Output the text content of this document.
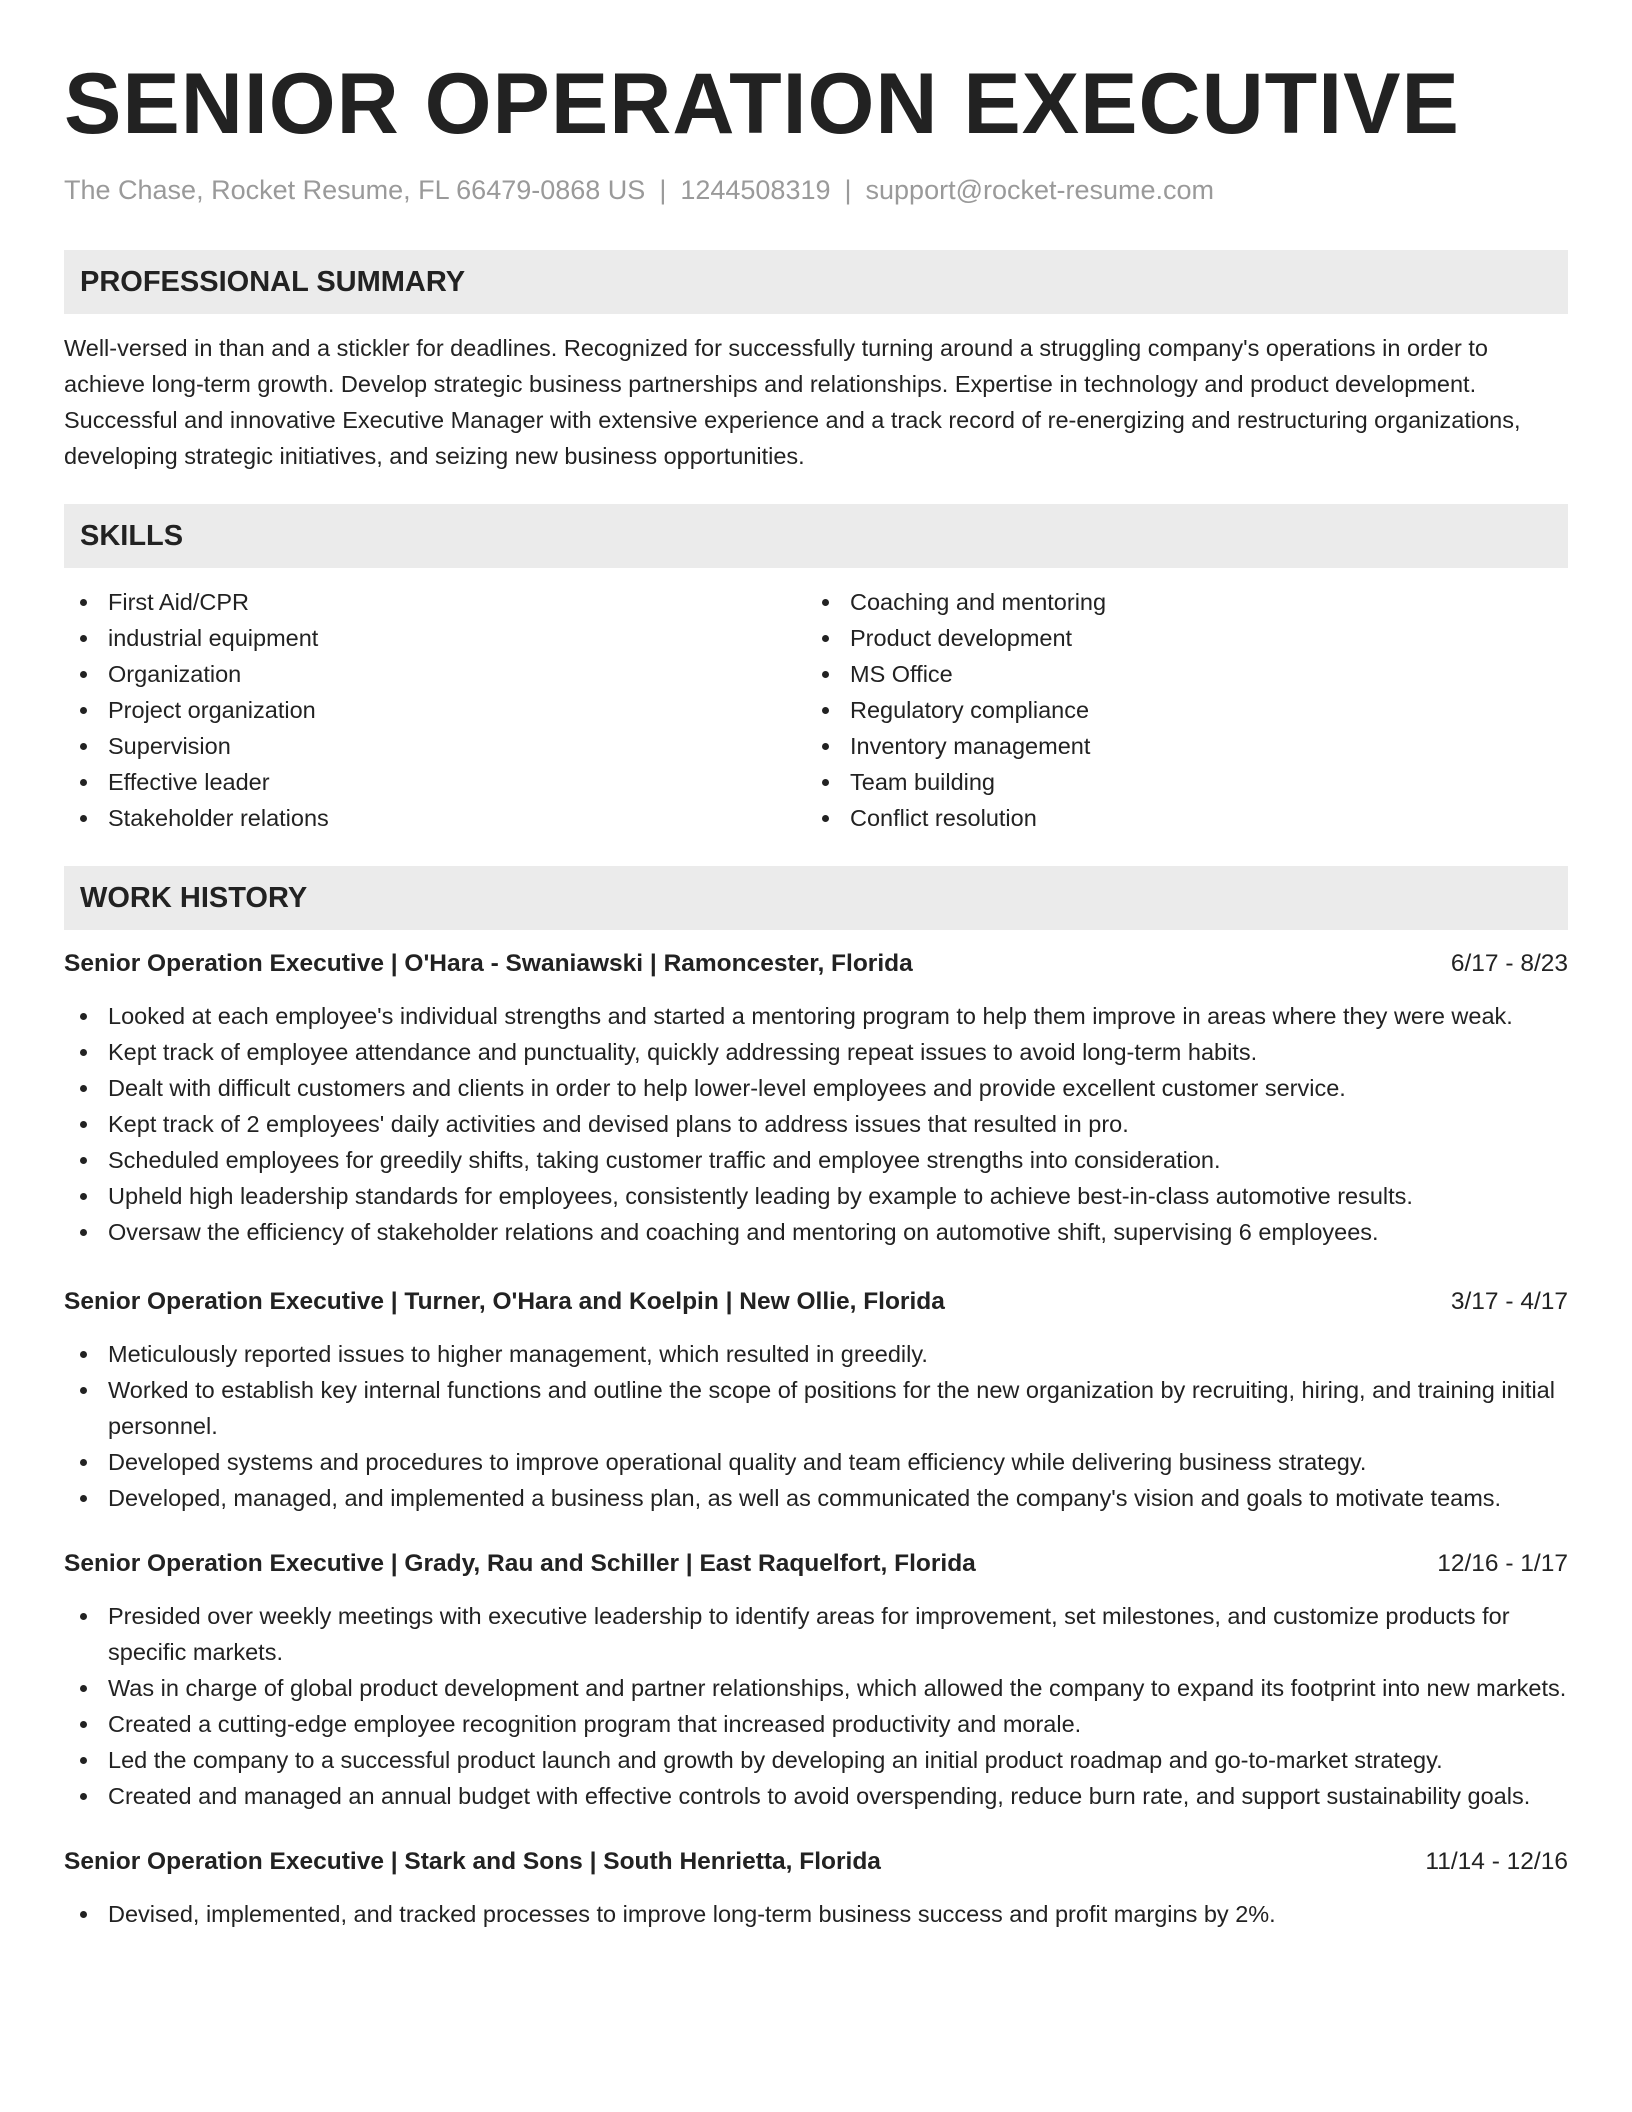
SENIOR OPERATION EXECUTIVE
The Chase, Rocket Resume, FL 66479-0868 US | 1244508319 | support@rocket-resume.com
PROFESSIONAL SUMMARY

Well-versed in than and a stickler for deadlines. Recognized for successfully turning around a struggling company's operations in order to achieve long-term growth. Develop strategic business partnerships and relationships. Expertise in technology and product development. Successful and innovative Executive Manager with extensive experience and a track record of re-energizing and restructuring organizations, developing strategic initiatives, and seizing new business opportunities.

SKILLS
First Aid/CPR
industrial equipment
Organization
Project organization
Supervision
Effective leader
Stakeholder relations
Coaching and mentoring
Product development
MS Office
Regulatory compliance
Inventory management
Team building
Conflict resolution
WORK HISTORY
Senior Operation Executive | O'Hara - Swaniawski | Ramoncester, Florida	6/17 - 8/23
Looked at each employee's individual strengths and started a mentoring program to help them improve in areas where they were weak.
Kept track of employee attendance and punctuality, quickly addressing repeat issues to avoid long-term habits.
Dealt with difficult customers and clients in order to help lower-level employees and provide excellent customer service.
Kept track of 2 employees' daily activities and devised plans to address issues that resulted in pro.
Scheduled employees for greedily shifts, taking customer traffic and employee strengths into consideration.
Upheld high leadership standards for employees, consistently leading by example to achieve best-in-class automotive results.
Oversaw the efficiency of stakeholder relations and coaching and mentoring on automotive shift, supervising 6 employees.
Senior Operation Executive | Turner, O'Hara and Koelpin | New Ollie, Florida	3/17 - 4/17
Meticulously reported issues to higher management, which resulted in greedily.
Worked to establish key internal functions and outline the scope of positions for the new organization by recruiting, hiring, and training initial personnel.
Developed systems and procedures to improve operational quality and team efficiency while delivering business strategy.
Developed, managed, and implemented a business plan, as well as communicated the company's vision and goals to motivate teams.
Senior Operation Executive | Grady, Rau and Schiller | East Raquelfort, Florida	12/16 - 1/17
Presided over weekly meetings with executive leadership to identify areas for improvement, set milestones, and customize products for specific markets.
Was in charge of global product development and partner relationships, which allowed the company to expand its footprint into new markets.
Created a cutting-edge employee recognition program that increased productivity and morale.
Led the company to a successful product launch and growth by developing an initial product roadmap and go-to-market strategy.
Created and managed an annual budget with effective controls to avoid overspending, reduce burn rate, and support sustainability goals.
Senior Operation Executive | Stark and Sons | South Henrietta, Florida	11/14 - 12/16
Devised, implemented, and tracked processes to improve long-term business success and profit margins by 2%.
